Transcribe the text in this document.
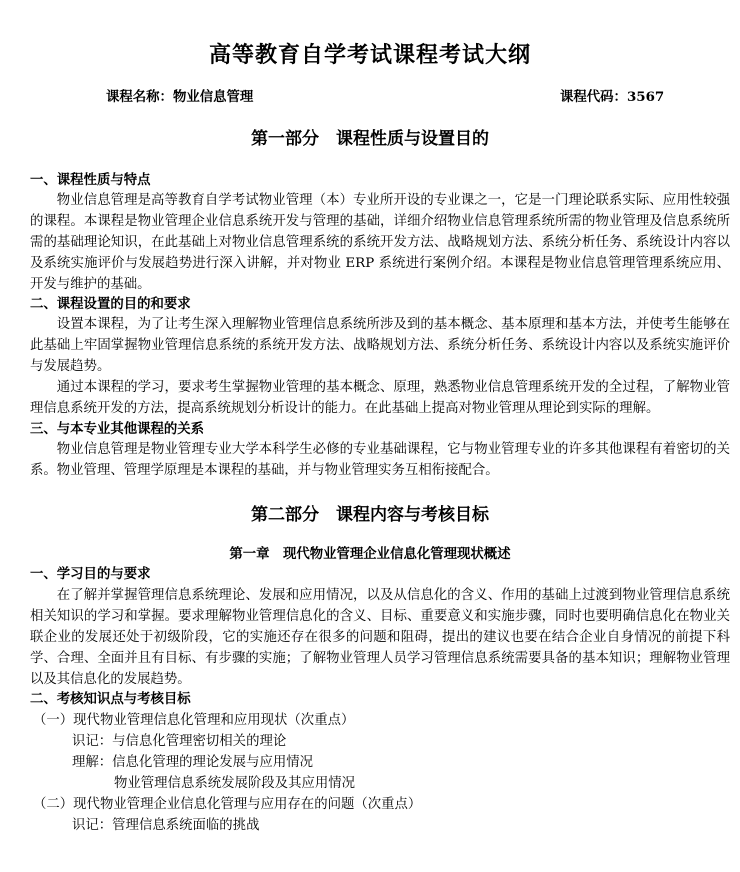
高等教育自学考试课程考试大纲
课程名称：物业信息管理	课程代码：3567
第一部分　课程性质与设置目的
一、课程性质与特点
物业信息管理是高等教育自学考试物业管理（本）专业所开设的专业课之一，它是一门理论联系实际、应用性较强的课程。本课程是物业管理企业信息系统开发与管理的基础，详细介绍物业信息管理系统所需的物业管理及信息系统所需的基础理论知识，在此基础上对物业信息管理系统的系统开发方法、战略规划方法、系统分析任务、系统设计内容以及系统实施评价与发展趋势进行深入讲解，并对物业 ERP 系统进行案例介绍。本课程是物业信息管理管理系统应用、开发与维护的基础。
二、课程设置的目的和要求
设置本课程，为了让考生深入理解物业管理信息系统所涉及到的基本概念、基本原理和基本方法，并使考生能够在此基础上牢固掌握物业管理信息系统的系统开发方法、战略规划方法、系统分析任务、系统设计内容以及系统实施评价与发展趋势。
通过本课程的学习，要求考生掌握物业管理的基本概念、原理，熟悉物业信息管理系统开发的全过程，了解物业管理信息系统开发的方法，提高系统规划分析设计的能力。在此基础上提高对物业管理从理论到实际的理解。
三、与本专业其他课程的关系
物业信息管理是物业管理专业大学本科学生必修的专业基础课程，它与物业管理专业的许多其他课程有着密切的关系。物业管理、管理学原理是本课程的基础，并与物业管理实务互相衔接配合。
第二部分　课程内容与考核目标
第一章　现代物业管理企业信息化管理现状概述
一、学习目的与要求
在了解并掌握管理信息系统理论、发展和应用情况，以及从信息化的含义、作用的基础上过渡到物业管理信息系统相关知识的学习和掌握。要求理解物业管理信息化的含义、目标、重要意义和实施步骤，同时也要明确信息化在物业关联企业的发展还处于初级阶段，它的实施还存在很多的问题和阻碍，提出的建议也要在结合企业自身情况的前提下科学、合理、全面并且有目标、有步骤的实施；了解物业管理人员学习管理信息系统需要具备的基本知识；理解物业管理以及其信息化的发展趋势。
二、考核知识点与考核目标
（一）现代物业管理信息化管理和应用现状（次重点）
识记：与信息化管理密切相关的理论
理解：信息化管理的理论发展与应用情况
物业管理信息系统发展阶段及其应用情况
（二）现代物业管理企业信息化管理与应用存在的问题（次重点）
识记：管理信息系统面临的挑战
